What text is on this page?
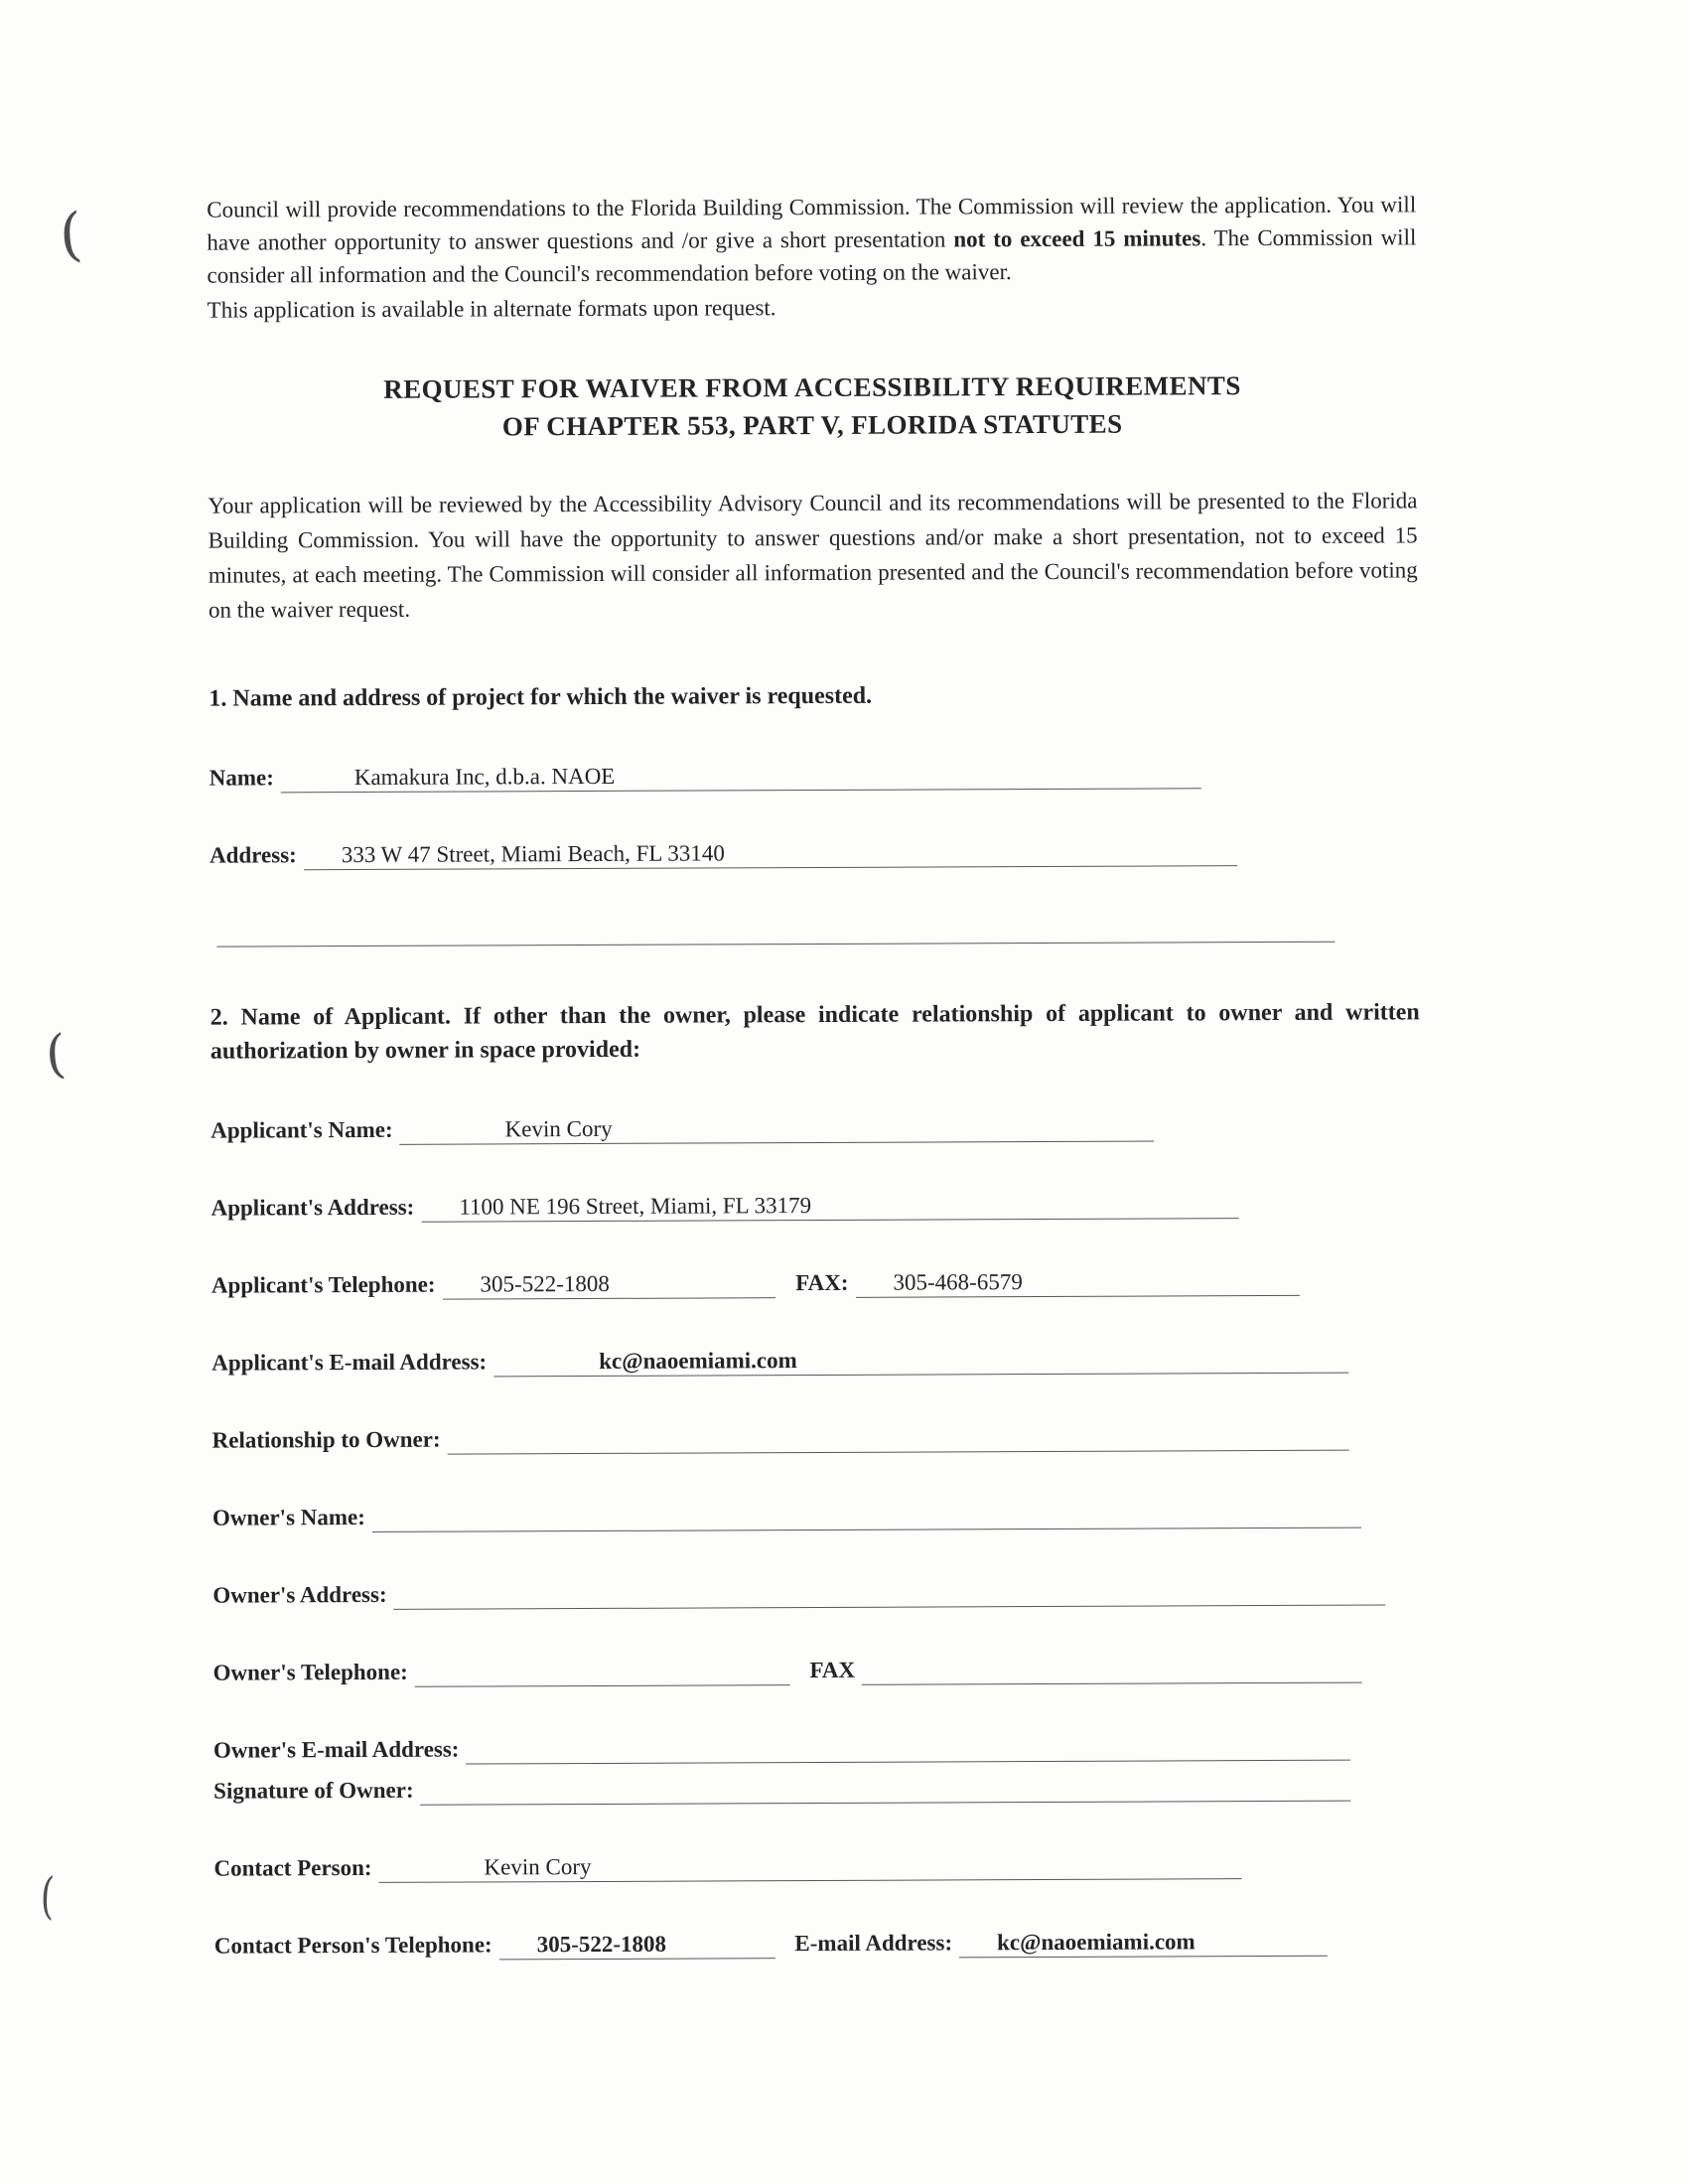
(
(
(

Council will provide recommendations to the Florida Building Commission. The Commission will review the application. You will have another opportunity to answer questions and /or give a short presentation not to exceed 15 minutes. The Commission will consider all information and the Council's recommendation before voting on the waiver.

This application is available in alternate formats upon request.
REQUEST FOR WAIVER FROM ACCESSIBILITY REQUIREMENTS
OF CHAPTER 553, PART V, FLORIDA STATUTES

Your application will be reviewed by the Accessibility Advisory Council and its recommendations will be presented to the Florida Building Commission. You will have the opportunity to answer questions and/or make a short presentation, not to exceed 15 minutes, at each meeting. The Commission will consider all information presented and the Council's recommendation before voting on the waiver request.

1. Name and address of project for which the waiver is requested.
Name:	Kamakura Inc, d.b.a. NAOE
Address: 333 W 47 Street, Miami Beach, FL 33140
2. Name of Applicant. If other than the owner, please indicate relationship of applicant to owner and written authorization by owner in space provided:
Applicant's Name:	Kevin Cory
Applicant's Address: 1100 NE 196 Street, Miami, FL 33179
Applicant's Telephone: 305-522-1808	FAX: 305-468-6579
Applicant's E-mail Address:	kc@naoemiami.com
Relationship to Owner:
Owner's Name:
Owner's Address:
Owner's Telephone:	FAX
Owner's E-mail Address:
Signature of Owner:
Contact Person:	Kevin Cory
Contact Person's Telephone: 305-522-1808	E-mail Address: kc@naoemiami.com
